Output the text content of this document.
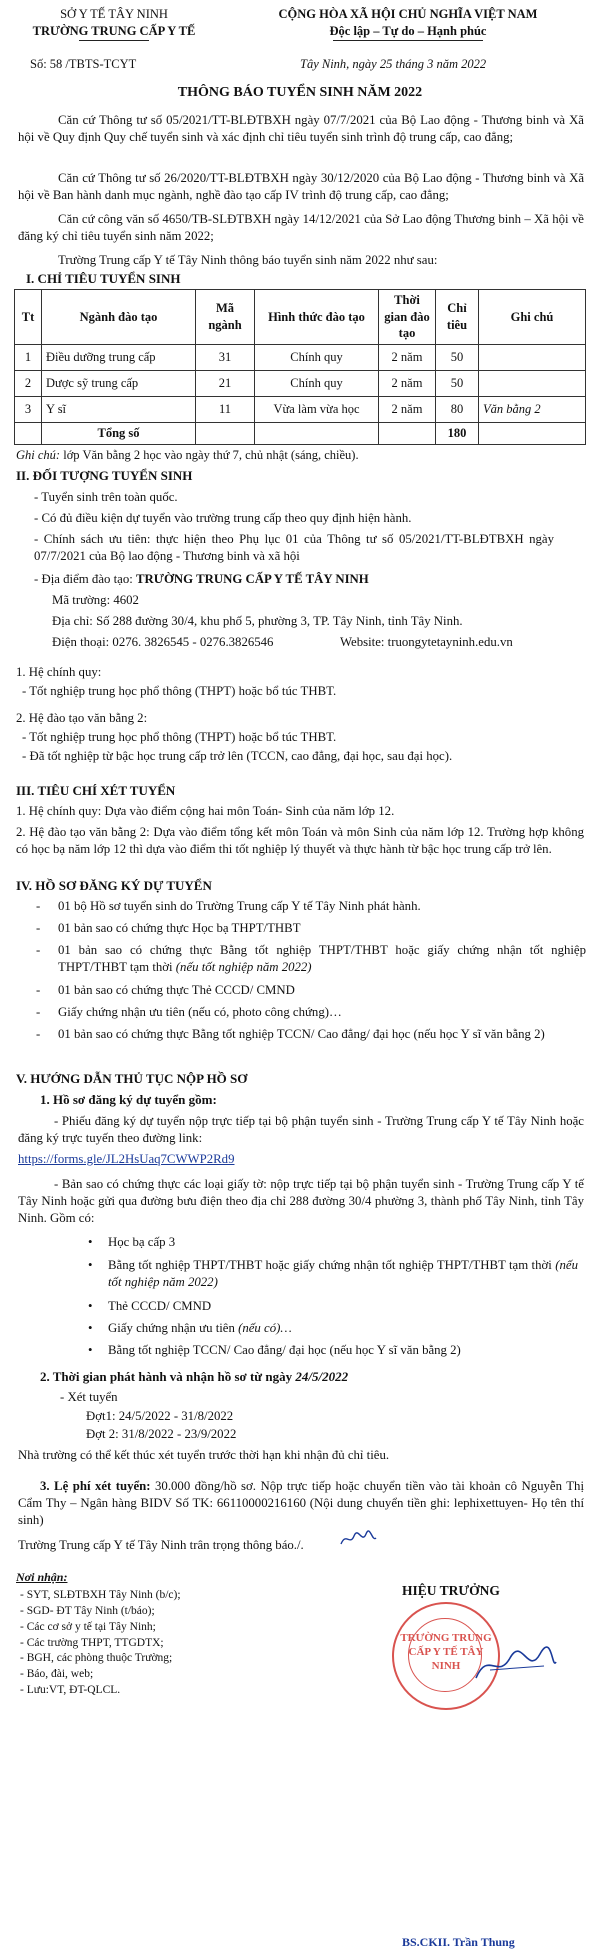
SỞ Y TẾ TÂY NINH
TRƯỜNG TRUNG CẤP Y TẾ
CỘNG HÒA XÃ HỘI CHỦ NGHĨA VIỆT NAM
Độc lập – Tự do – Hạnh phúc
Số: 58 /TBTS-TCYT	Tây Ninh, ngày 25 tháng 3 năm 2022
THÔNG BÁO TUYỂN SINH NĂM 2022
Căn cứ Thông tư số 05/2021/TT-BLĐTBXH ngày 07/7/2021 của Bộ Lao động - Thương binh và Xã hội về Quy định Quy chế tuyển sinh và xác định chỉ tiêu tuyển sinh trình độ trung cấp, cao đẳng;
Căn cứ Thông tư số 26/2020/TT-BLĐTBXH ngày 30/12/2020 của Bộ Lao động - Thương binh và Xã hội về Ban hành danh mục ngành, nghề đào tạo cấp IV trình độ trung cấp, cao đẳng;
Căn cứ công văn số 4650/TB-SLĐTBXH ngày 14/12/2021 của Sở Lao động Thương binh – Xã hội về đăng ký chỉ tiêu tuyển sinh năm 2022;
Trường Trung cấp Y tế Tây Ninh thông báo tuyển sinh năm 2022 như sau:
I. CHỈ TIÊU TUYỂN SINH
Tt	Ngành đào tạo	Mã ngành	Hình thức đào tạo	Thời gian đào tạo	Chỉ tiêu	Ghi chú
1	Điều dưỡng trung cấp	31	Chính quy	2 năm	50	
2	Dược sỹ trung cấp	21	Chính quy	2 năm	50	
3	Y sĩ	11	Vừa làm vừa học	2 năm	80	Văn bằng 2
	Tổng số				180	
Ghi chú: lớp Văn bằng 2 học vào ngày thứ 7, chủ nhật (sáng, chiều).
II. ĐỐI TƯỢNG TUYỂN SINH
- Tuyển sinh trên toàn quốc.
- Có đủ điều kiện dự tuyển vào trường trung cấp theo quy định hiện hành.
- Chính sách ưu tiên: thực hiện theo Phụ lục 01 của Thông tư số 05/2021/TT-BLĐTBXH ngày 07/7/2021 của Bộ lao động - Thương binh và xã hội
- Địa điểm đào tạo: TRƯỜNG TRUNG CẤP Y TẾ TÂY NINH
Mã trường: 4602
Địa chỉ: Số 288 đường 30/4, khu phố 5, phường 3, TP. Tây Ninh, tỉnh Tây Ninh.
Điện thoại: 0276. 3826545 - 0276.3826546	Website: truongytetayninh.edu.vn
1. Hệ chính quy:
- Tốt nghiệp trung học phổ thông (THPT) hoặc bổ túc THBT.
2. Hệ đào tạo văn bằng 2:
- Tốt nghiệp trung học phổ thông (THPT) hoặc bổ túc THBT.
- Đã tốt nghiệp từ bậc học trung cấp trở lên (TCCN, cao đẳng, đại học, sau đại học).
III. TIÊU CHÍ XÉT TUYỂN
1. Hệ chính quy: Dựa vào điểm cộng hai môn Toán- Sinh của năm lớp 12.
2. Hệ đào tạo văn bằng 2: Dựa vào điểm tổng kết môn Toán và môn Sinh của năm lớp 12. Trường hợp không có học bạ năm lớp 12 thì dựa vào điểm thi tốt nghiệp lý thuyết và thực hành từ bậc học trung cấp trở lên.
IV. HỒ SƠ ĐĂNG KÝ DỰ TUYỂN
- 01 bộ Hồ sơ tuyển sinh do Trường Trung cấp Y tế Tây Ninh phát hành.
- 01 bản sao có chứng thực Học bạ THPT/THBT
- 01 bản sao có chứng thực Bằng tốt nghiệp THPT/THBT hoặc giấy chứng nhận tốt nghiệp THPT/THBT tạm thời (nếu tốt nghiệp năm 2022)
- 01 bản sao có chứng thực Thẻ CCCD/ CMND
- Giấy chứng nhận ưu tiên (nếu có, photo công chứng)…
- 01 bản sao có chứng thực Bằng tốt nghiệp TCCN/ Cao đẳng/ đại học (nếu học Y sĩ văn bằng 2)
V. HƯỚNG DẪN THỦ TỤC NỘP HỒ SƠ
1. Hồ sơ đăng ký dự tuyển gồm:
- Phiếu đăng ký dự tuyển nộp trực tiếp tại bộ phận tuyển sinh - Trường Trung cấp Y tế Tây Ninh hoặc đăng ký trực tuyến theo đường link:
https://forms.gle/JL2HsUaq7CWWP2Rd9
- Bản sao có chứng thực các loại giấy tờ: nộp trực tiếp tại bộ phận tuyển sinh - Trường Trung cấp Y tế Tây Ninh hoặc gửi qua đường bưu điện theo địa chỉ 288 đường 30/4 phường 3, thành phố Tây Ninh, tỉnh Tây Ninh. Gồm có:
• Học bạ cấp 3
• Bằng tốt nghiệp THPT/THBT hoặc giấy chứng nhận tốt nghiệp THPT/THBT tạm thời (nếu tốt nghiệp năm 2022)
• Thẻ CCCD/ CMND
• Giấy chứng nhận ưu tiên (nếu có)…
• Bằng tốt nghiệp TCCN/ Cao đẳng/ đại học (nếu học Y sĩ văn bằng 2)
2. Thời gian phát hành và nhận hồ sơ từ ngày 24/5/2022
- Xét tuyển
Đợt1: 24/5/2022 - 31/8/2022
Đợt 2: 31/8/2022 - 23/9/2022
Nhà trường có thể kết thúc xét tuyển trước thời hạn khi nhận đủ chỉ tiêu.
3. Lệ phí xét tuyển: 30.000 đồng/hồ sơ. Nộp trực tiếp hoặc chuyển tiền vào tài khoản cô Nguyễn Thị Cẩm Thy – Ngân hàng BIDV Số TK: 66110000216160 (Nội dung chuyển tiền ghi: lephixettuyen- Họ tên thí sinh)
Trường Trung cấp Y tế Tây Ninh trân trọng thông báo./.
Nơi nhận:
- SYT, SLĐTBXH Tây Ninh (b/c);
- SGD- ĐT Tây Ninh (t/báo);
- Các cơ sở y tế tại Tây Ninh;
- Các trường THPT, TTGDTX;
- BGH, các phòng thuộc Trường;
- Báo, đài, web;
- Lưu:VT, ĐT-QLCL.
HIỆU TRƯỞNG
TRƯỜNG TRUNG CẤP Y TẾ TÂY NINH
BS.CKII. Trần Thung
